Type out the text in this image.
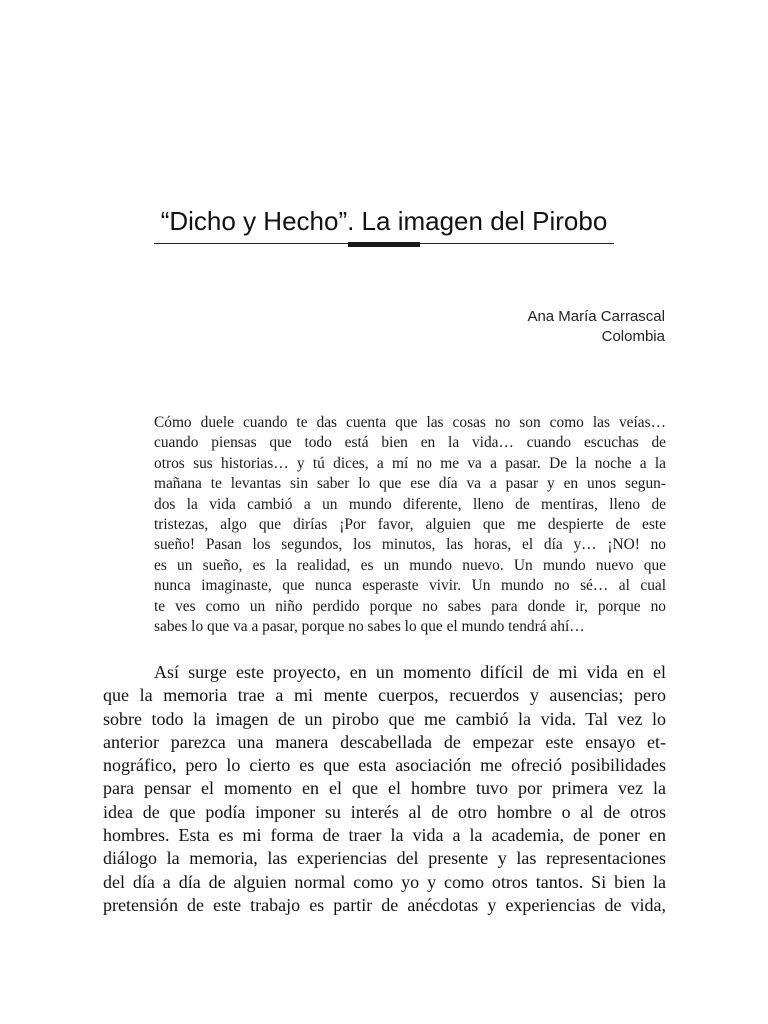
“Dicho y Hecho”. La imagen del Pirobo
Ana María Carrascal
Colombia
Cómo duele cuando te das cuenta que las cosas no son como las veías…
cuando piensas que todo está bien en la vida… cuando escuchas de
otros sus historias… y tú dices, a mí no me va a pasar. De la noche a la
mañana te levantas sin saber lo que ese día va a pasar y en unos segun-
dos la vida cambió a un mundo diferente, lleno de mentiras, lleno de
tristezas, algo que dirías ¡Por favor, alguien que me despierte de este
sueño! Pasan los segundos, los minutos, las horas, el día y… ¡NO! no
es un sueño, es la realidad, es un mundo nuevo. Un mundo nuevo que
nunca imaginaste, que nunca esperaste vivir. Un mundo no sé… al cual
te ves como un niño perdido porque no sabes para donde ir, porque no
sabes lo que va a pasar, porque no sabes lo que el mundo tendrá ahí…
Así surge este proyecto, en un momento difícil de mi vida en el
que la memoria trae a mi mente cuerpos, recuerdos y ausencias; pero
sobre todo la imagen de un pirobo que me cambió la vida. Tal vez lo
anterior parezca una manera descabellada de empezar este ensayo et-
nográfico, pero lo cierto es que esta asociación me ofreció posibilidades
para pensar el momento en el que el hombre tuvo por primera vez la
idea de que podía imponer su interés al de otro hombre o al de otros
hombres. Esta es mi forma de traer la vida a la academia, de poner en
diálogo la memoria, las experiencias del presente y las representaciones
del día a día de alguien normal como yo y como otros tantos. Si bien la
pretensión de este trabajo es partir de anécdotas y experiencias de vida,
